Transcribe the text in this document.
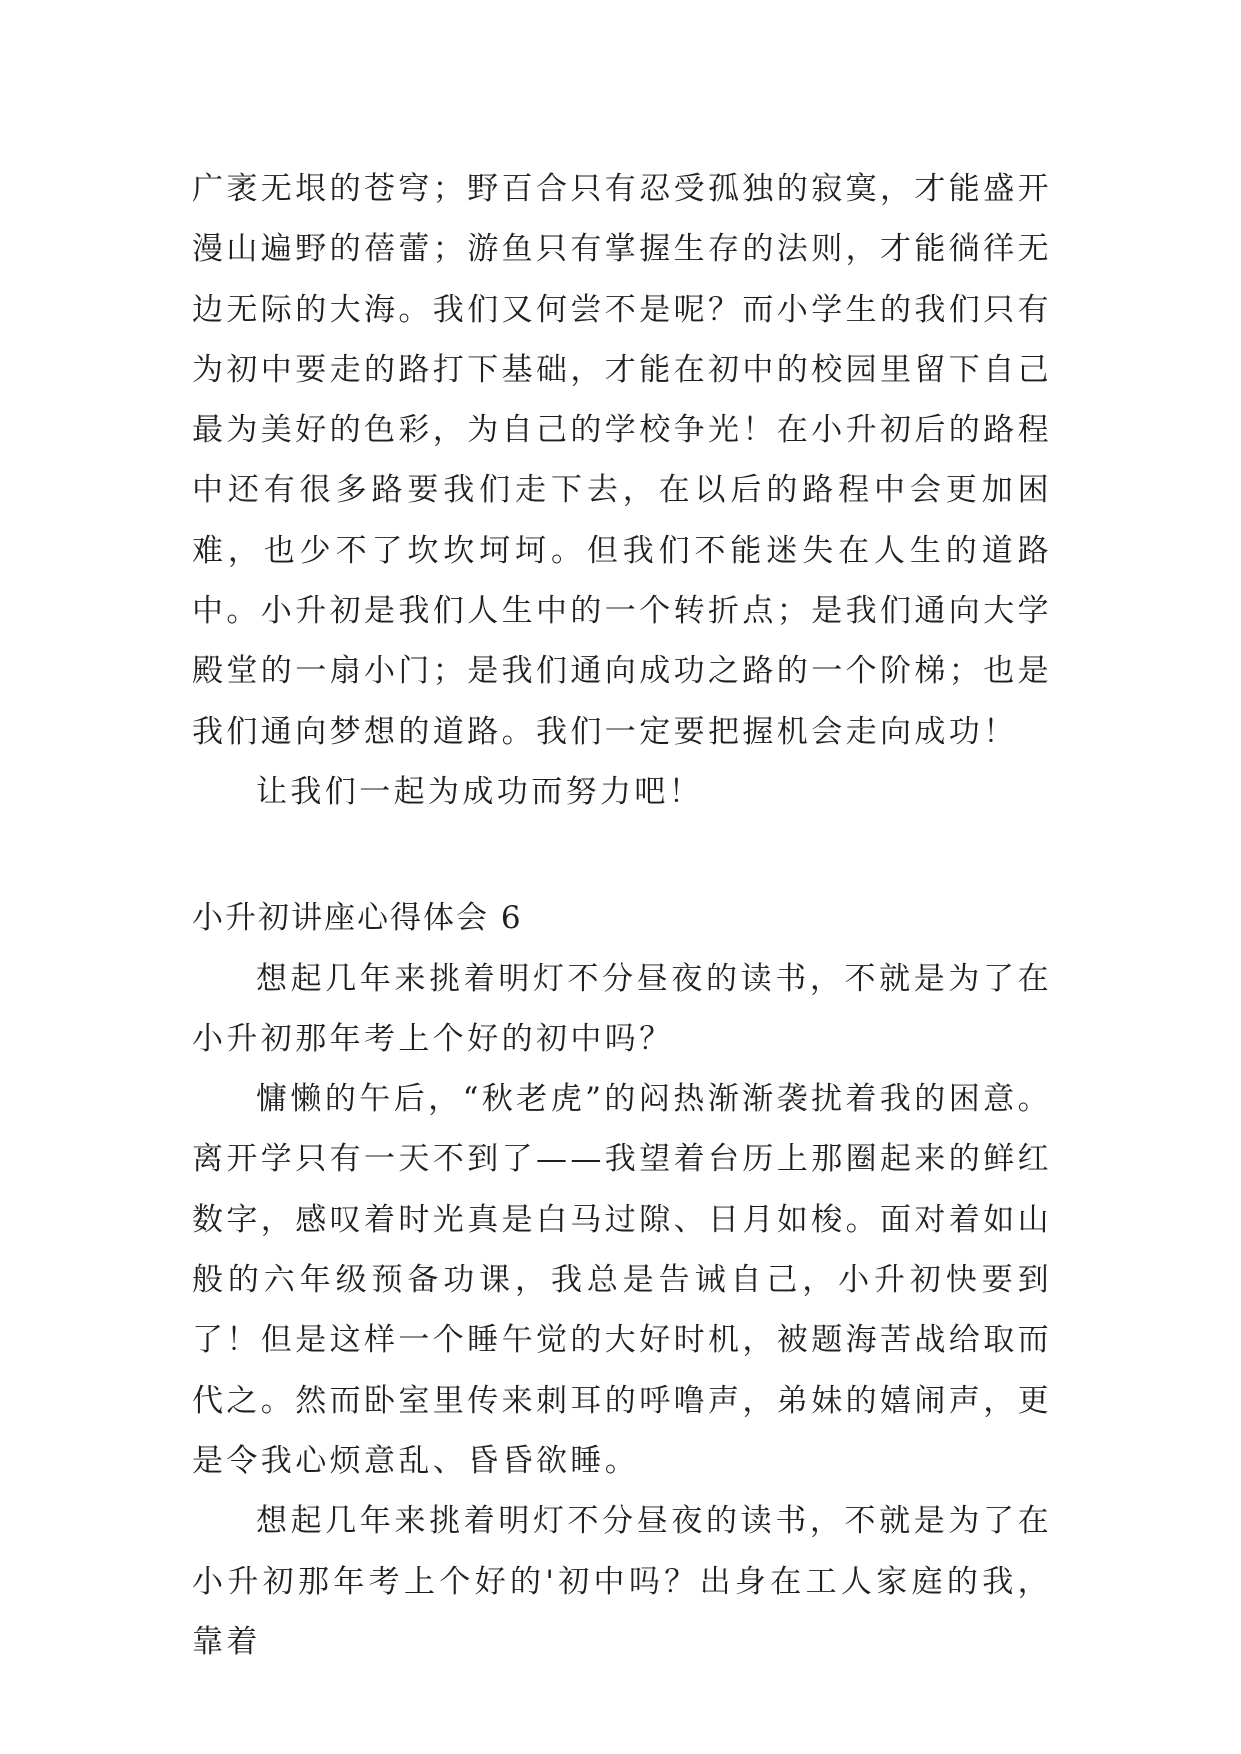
广袤无垠的苍穹；野百合只有忍受孤独的寂寞，才能盛开漫山遍野的蓓蕾；游鱼只有掌握生存的法则，才能徜徉无边无际的大海。我们又何尝不是呢？而小学生的我们只有为初中要走的路打下基础，才能在初中的校园里留下自己最为美好的色彩，为自己的学校争光！在小升初后的路程中还有很多路要我们走下去，在以后的路程中会更加困难，也少不了坎坎坷坷。但我们不能迷失在人生的道路中。小升初是我们人生中的一个转折点；是我们通向大学殿堂的一扇小门；是我们通向成功之路的一个阶梯；也是我们通向梦想的道路。我们一定要把握机会走向成功！

让我们一起为成功而努力吧！

小升初讲座心得体会 6

想起几年来挑着明灯不分昼夜的读书，不就是为了在小升初那年考上个好的初中吗？

慵懒的午后，“秋老虎”的闷热渐渐袭扰着我的困意。离开学只有一天不到了——我望着台历上那圈起来的鲜红数字，感叹着时光真是白马过隙、日月如梭。面对着如山般的六年级预备功课，我总是告诫自己，小升初快要到了！但是这样一个睡午觉的大好时机，被题海苦战给取而代之。然而卧室里传来刺耳的呼噜声，弟妹的嬉闹声，更是令我心烦意乱、昏昏欲睡。

想起几年来挑着明灯不分昼夜的读书，不就是为了在小升初那年考上个好的'初中吗？出身在工人家庭的我，靠着
